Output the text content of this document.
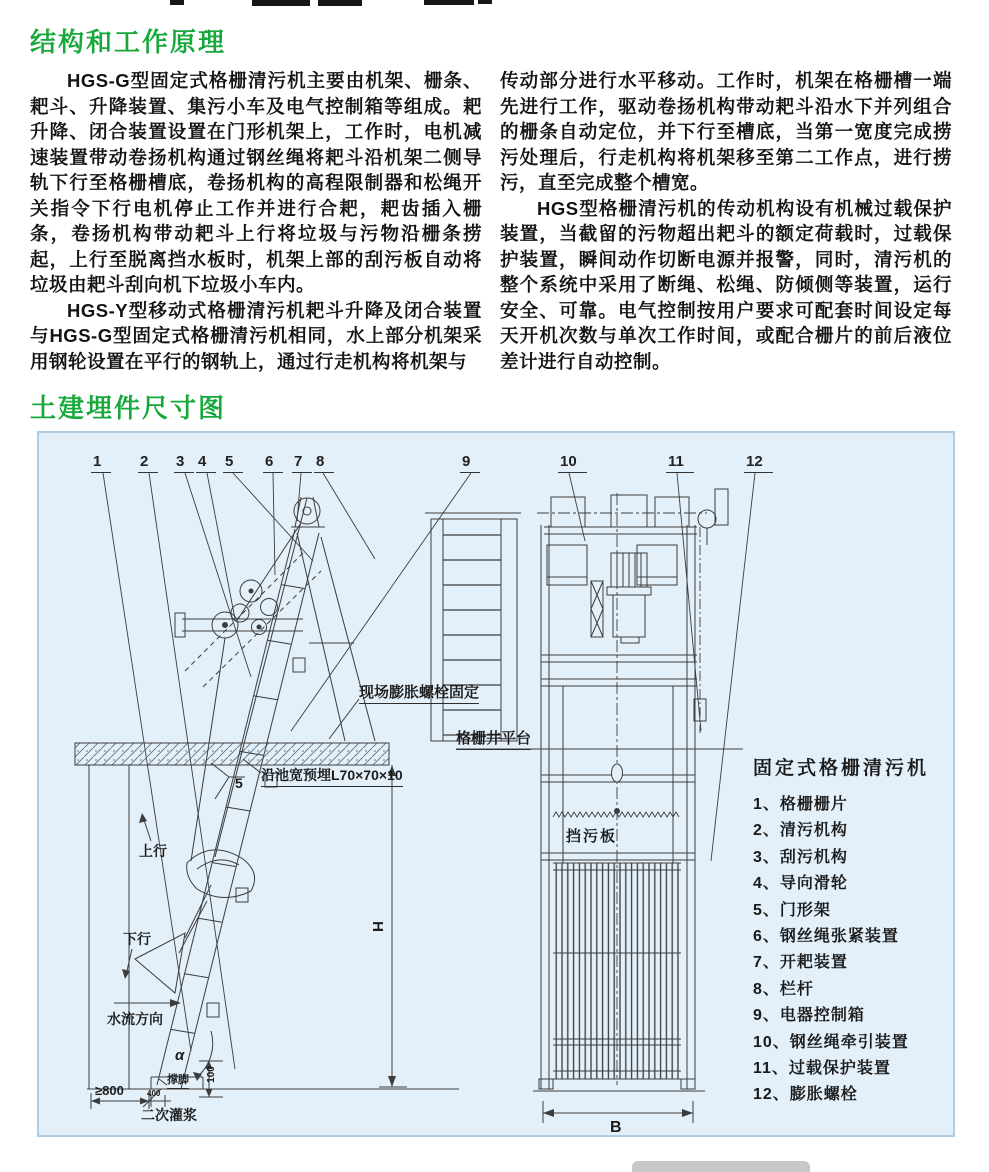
结构和工作原理

HGS-G型固定式格栅清污机主要由机架、栅条、耙斗、升降装置、集污小车及电气控制箱等组成。耙升降、闭合装置设置在门形机架上，工作时，电机减速装置带动卷扬机构通过钢丝绳将耙斗沿机架二侧导轨下行至格栅槽底，卷扬机构的高程限制器和松绳开关指令下行电机停止工作并进行合耙，耙齿插入栅条，卷扬机构带动耙斗上行将垃圾与污物沿栅条捞起，上行至脱离挡水板时，机架上部的刮污板自动将垃圾由耙斗刮向机下垃圾小车内。

HGS-Y型移动式格栅清污机耙斗升降及闭合装置与HGS-G型固定式格栅清污机相同，水上部分机架采用钢轮设置在平行的钢轨上，通过行走机构将机架与

传动部分进行水平移动。工作时，机架在格栅槽一端先进行工作，驱动卷扬机构带动耙斗沿水下并列组合的栅条自动定位，并下行至槽底，当第一宽度完成捞污处理后，行走机构将机架移至第二工作点，进行捞污，直至完成整个槽宽。

HGS型格栅清污机的传动机构设有机械过载保护装置，当截留的污物超出耙斗的额定荷载时，过载保护装置，瞬间动作切断电源并报警，同时，清污机的整个系统中采用了断绳、松绳、防倾侧等装置，运行安全、可靠。电气控制按用户要求可配套时间设定每天开机次数与单次工作时间，或配合栅片的前后液位差计进行自动控制。

土建埋件尺寸图
1	2	3 4	5	6	7 8	9	10	11	12
现场膨胀螺栓固定
格栅井平台
沿池宽预埋L70×70×10
5
上行
下行
水流方向
α
撑脚
二次灌浆
≥800	400
100
H
B
挡污板

固定式格栅清污机

1、格栅栅片
2、清污机构
3、刮污机构
4、导向滑轮
5、门形架
6、钢丝绳张紧装置
7、开耙装置
8、栏杆
9、电器控制箱
10、钢丝绳牵引装置
11、过载保护装置
12、膨胀螺栓
